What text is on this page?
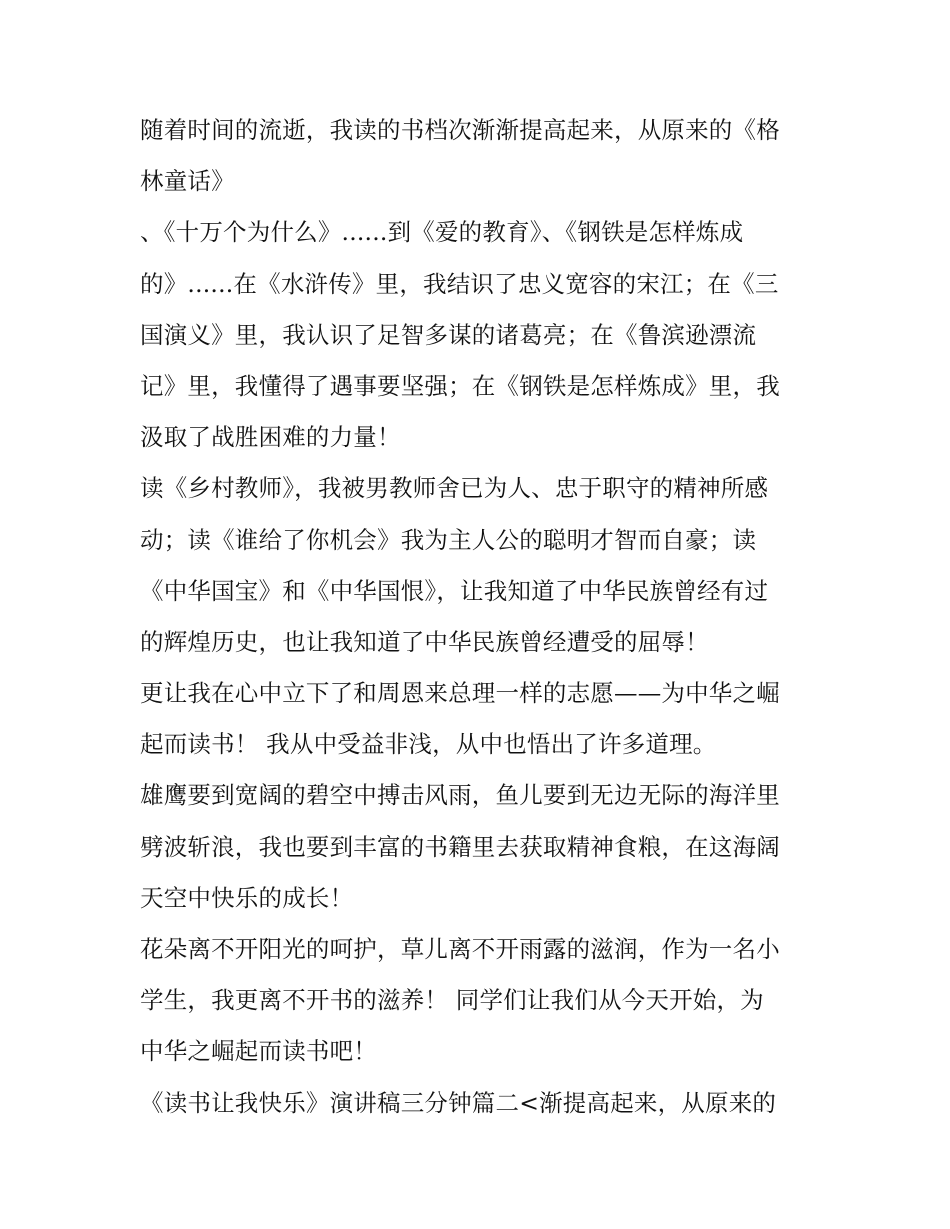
随着时间的流逝，我读的书档次渐渐提高起来，从原来的《格
林童话》
、《十万个为什么》......到《爱的教育》、《钢铁是怎样炼成
的》......在《水浒传》里，我结识了忠义宽容的宋江；在《三
国演义》里，我认识了足智多谋的诸葛亮；在《鲁滨逊漂流
记》里，我懂得了遇事要坚强；在《钢铁是怎样炼成》里，我
汲取了战胜困难的力量！
读《乡村教师》，我被男教师舍已为人、忠于职守的精神所感
动；读《谁给了你机会》我为主人公的聪明才智而自豪；读
《中华国宝》和《中华国恨》，让我知道了中华民族曾经有过
的辉煌历史，也让我知道了中华民族曾经遭受的屈辱！
更让我在心中立下了和周恩来总理一样的志愿——为中华之崛
起而读书！ 我从中受益非浅，从中也悟出了许多道理。
雄鹰要到宽阔的碧空中搏击风雨，鱼儿要到无边无际的海洋里
劈波斩浪，我也要到丰富的书籍里去获取精神食粮，在这海阔
天空中快乐的成长！
花朵离不开阳光的呵护，草儿离不开雨露的滋润，作为一名小
学生，我更离不开书的滋养！ 同学们让我们从今天开始，为
中华之崛起而读书吧！
《读书让我快乐》演讲稿三分钟篇二<渐提高起来，从原来的
